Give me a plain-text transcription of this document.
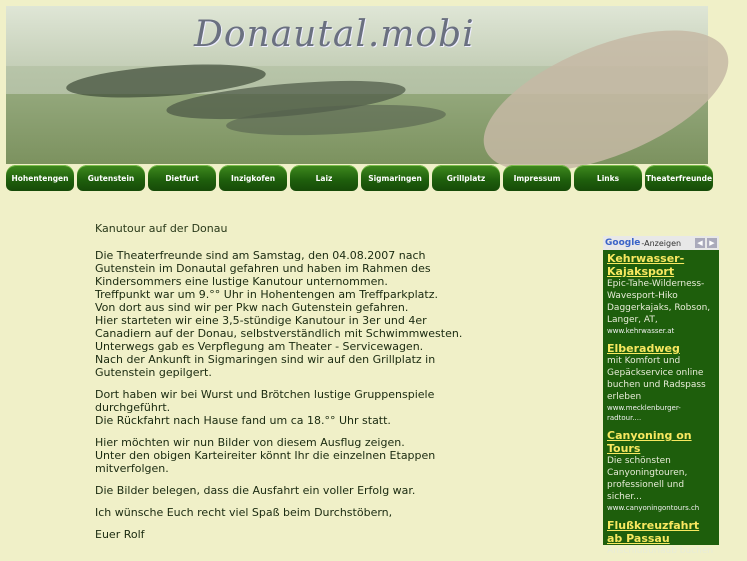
Donautal.mobi
Hohentengen	Gutenstein	Dietfurt	Inzigkofen	Laiz	Sigmaringen	Grillplatz	Impressum	Links	Theaterfreunde
Kanutour auf der Donau

Die Theaterfreunde sind am Samstag, den 04.08.2007 nach Gutenstein im Donautal gefahren und haben im Rahmen des Kindersommers eine lustige Kanutour unternommen.
Treffpunkt war um 9.°° Uhr in Hohentengen am Treffparkplatz.
Von dort aus sind wir per Pkw nach Gutenstein gefahren.
Hier starteten wir eine 3,5-stündige Kanutour in 3er und 4er Canadiern auf der Donau, selbstverständlich mit Schwimmwesten.
Unterwegs gab es Verpflegung am Theater - Servicewagen.
Nach der Ankunft in Sigmaringen sind wir auf den Grillplatz in Gutenstein gepilgert.

Dort haben wir bei Wurst und Brötchen lustige Gruppenspiele durchgeführt.
Die Rückfahrt nach Hause fand um ca 18.°° Uhr statt.

Hier möchten wir nun Bilder von diesem Ausflug zeigen.
Unter den obigen Karteireiter könnt Ihr die einzelnen Etappen mitverfolgen.

Die Bilder belegen, dass die Ausfahrt ein voller Erfolg war.

Ich wünsche Euch recht viel Spaß beim Durchstöbern,

Euer Rolf

Google -Anzeigen	◀ ▶
Kehrwasser-Kajaksport
Epic-Tahe-Wilderness-Wavesport-Hiko Daggerkajaks, Robson, Langer, AT,
www.kehrwasser.at
Elberadweg
mit Komfort und Gepäckservice online buchen und Radspass erleben
www.mecklenburger-radtour....
Canyoning on Tours
Die schönsten Canyoningtouren, professionell und sicher...
www.canyoningontours.ch
Flußkreuzfahrt ab Passau
Anschlußurlaub buchen
